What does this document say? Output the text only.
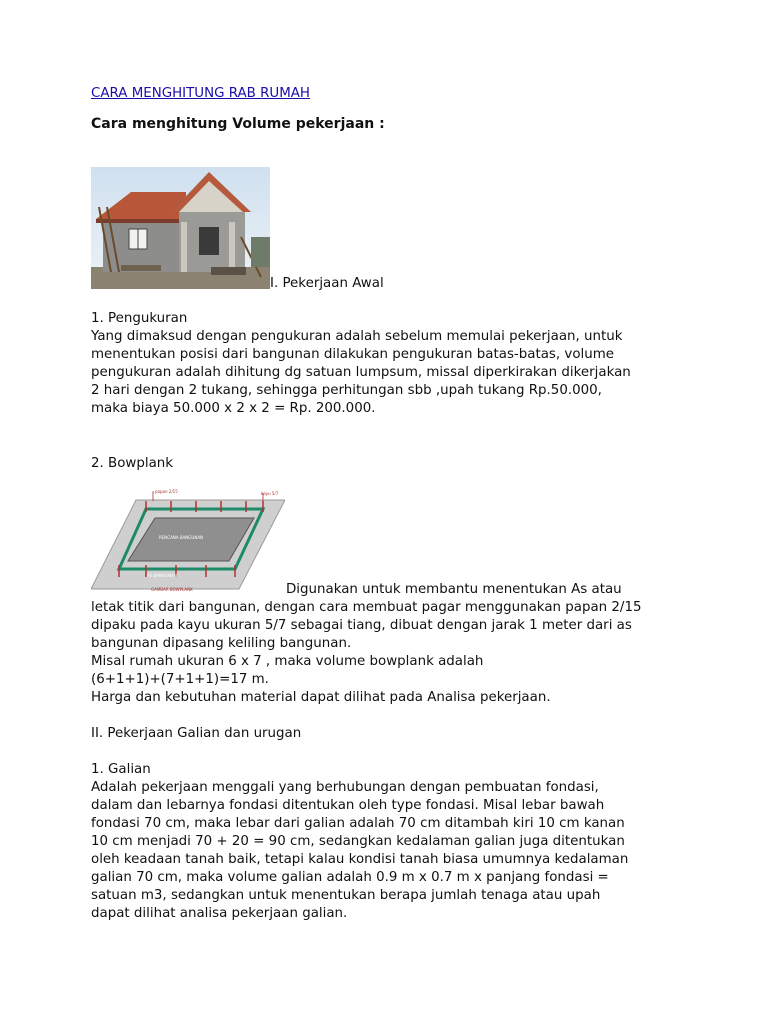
CARA MENGHITUNG RAB RUMAH
Cara menghitung Volume pekerjaan :
I. Pekerjaan Awal
1. Pengukuran
Yang dimaksud dengan pengukuran adalah sebelum memulai pekerjaan, untuk
menentukan posisi dari bangunan dilakukan pengukuran batas-batas, volume
pengukuran adalah dihitung dg satuan lumpsum, missal diperkirakan dikerjakan
2 hari dengan 2 tukang, sehingga perhitungan sbb ,upah tukang Rp.50.000,
maka biaya 50.000 x 2 x 2 = Rp. 200.000.
2. Bowplank
papan 2/15	kayu 5/7
RENCANA BANGUNAN
AS BANGUNAN
GAMBAR BOWPLANK	Digunakan untuk membantu menentukan As atau
letak titik dari bangunan, dengan cara membuat pagar menggunakan papan 2/15
dipaku pada kayu ukuran 5/7 sebagai tiang, dibuat dengan jarak 1 meter dari as
bangunan dipasang keliling bangunan.
Misal rumah ukuran 6 x 7 , maka volume bowplank adalah
(6+1+1)+(7+1+1)=17 m.
Harga dan kebutuhan material dapat dilihat pada Analisa pekerjaan.
II. Pekerjaan Galian dan urugan
1. Galian
Adalah pekerjaan menggali yang berhubungan dengan pembuatan fondasi,
dalam dan lebarnya fondasi ditentukan oleh type fondasi. Misal lebar bawah
fondasi 70 cm, maka lebar dari galian adalah 70 cm ditambah kiri 10 cm kanan
10 cm menjadi 70 + 20 = 90 cm, sedangkan kedalaman galian juga ditentukan
oleh keadaan tanah baik, tetapi kalau kondisi tanah biasa umumnya kedalaman
galian 70 cm, maka volume galian adalah 0.9 m x 0.7 m x panjang fondasi =
satuan m3, sedangkan untuk menentukan berapa jumlah tenaga atau upah
dapat dilihat analisa pekerjaan galian.
